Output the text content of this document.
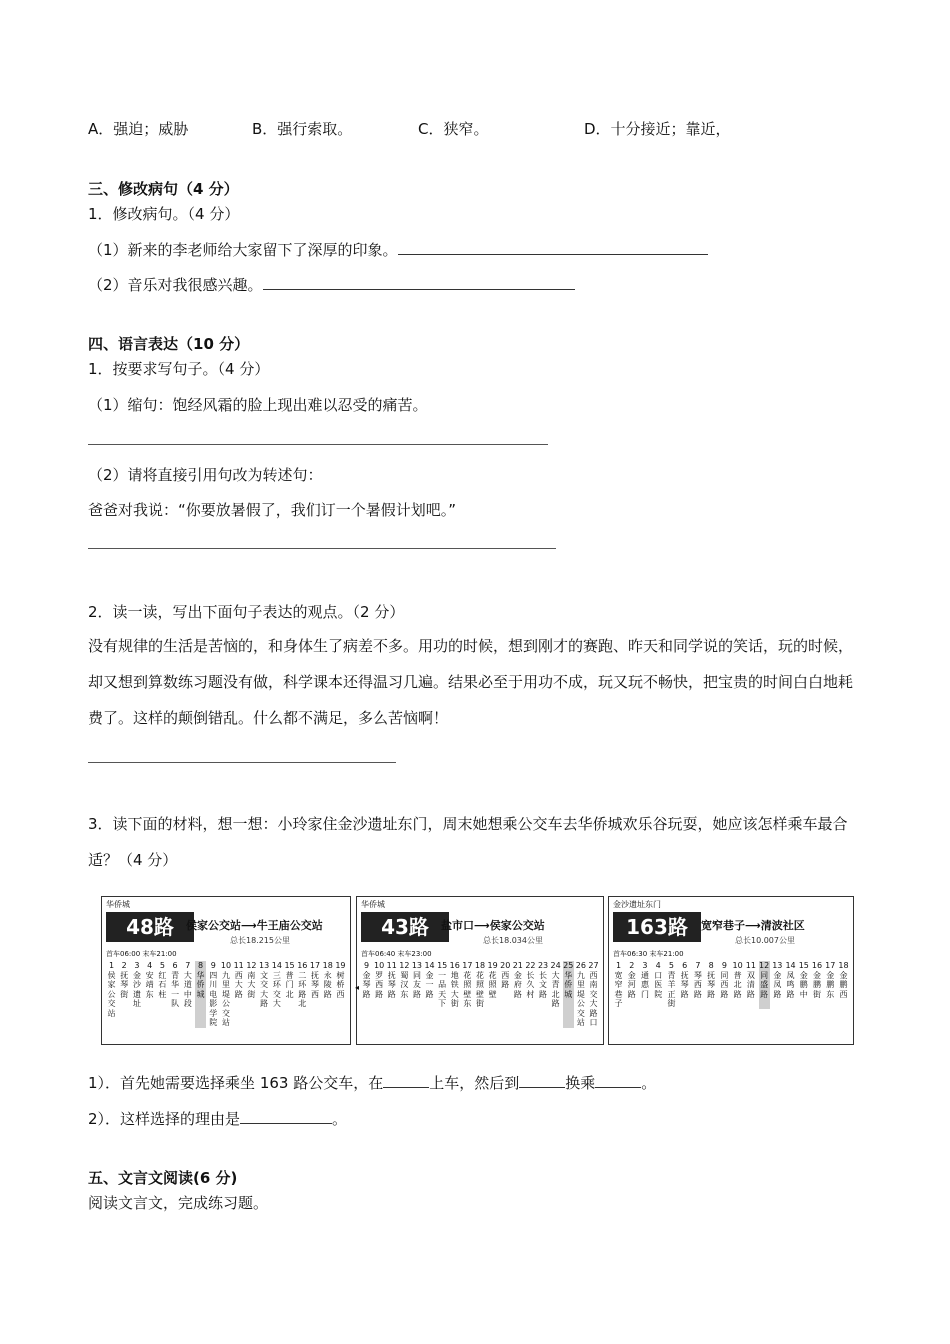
A．强迫；威胁	B．强行索取。	C．狭窄。	D．十分接近；靠近，
三、修改病句（4 分）
1．修改病句。（4 分）
（1）新来的李老师给大家留下了深厚的印象。
（2）音乐对我很感兴趣。
四、语言表达（10 分）
1．按要求写句子。（4 分）
（1）缩句：饱经风霜的脸上现出难以忍受的痛苦。
（2）请将直接引用句改为转述句：
爸爸对我说：“你要放暑假了，我们订一个暑假计划吧。”
2．读一读，写出下面句子表达的观点。（2 分）
没有规律的生活是苦恼的，和身体生了病差不多。用功的时候，想到刚才的赛跑、昨天和同学说的笑话，玩的时候，却又想到算数练习题没有做，科学课本还得温习几遍。结果必至于用功不成，玩又玩不畅快，把宝贵的时间白白地耗费了。这样的颠倒错乱。什么都不满足，多么苦恼啊！
3．读下面的材料，想一想：小玲家住金沙遗址东门，周末她想乘公交车去华侨城欢乐谷玩耍，她应该怎样乘车最合适？（4 分）
华侨城
48路	侯家公交站⟶牛王庙公交站
总长18.215公里
首车06:00 末车21:00
1侯家公交站
2抚琴街
3金沙遗址
4安靖东
5红石柱
6青华一队
7大道中段
8华侨城
9四川电影学院
10九里堤公交站
11西大路
12南大街
13文交大路
14三环交大
15普门北
16二环路北
17抚琴西
18永陵路
19树桥西
华侨城
43路	盐市口⟶侯家公交站
总长18.034公里
首车06:40 末车23:00
◂
9金琴路
10罗西路
11抚琴路
12蜀汉东
13同友路
14金一路
15一品天下
16地铁大街
17花照壁东
18花照壁街
19花照壁
20西路
21金府路
22长久村
23长文路
24大青北路
25华侨城
26九里堤公交站
27西南交大路口
金沙遗址东门
163路	宽窄巷子⟶清波社区
总长10.007公里
首车06:30 末车21:00
1宽窄巷子
2金河路
3通惠门
4口医院
5青羊正街
6抚琴路
7琴西路
8抚琴路
9同西路
10普北路
11双清路
12同盛路
13金凤路
14凤鸣路
15金鹏中
16金鹏街
17金鹏东
18金鹏西
1）．首先她需要选择乘坐 163 路公交车，在	上车，然后到	换乘	。
2）．这样选择的理由是	。
五、文言文阅读(6 分)
阅读文言文，完成练习题。
